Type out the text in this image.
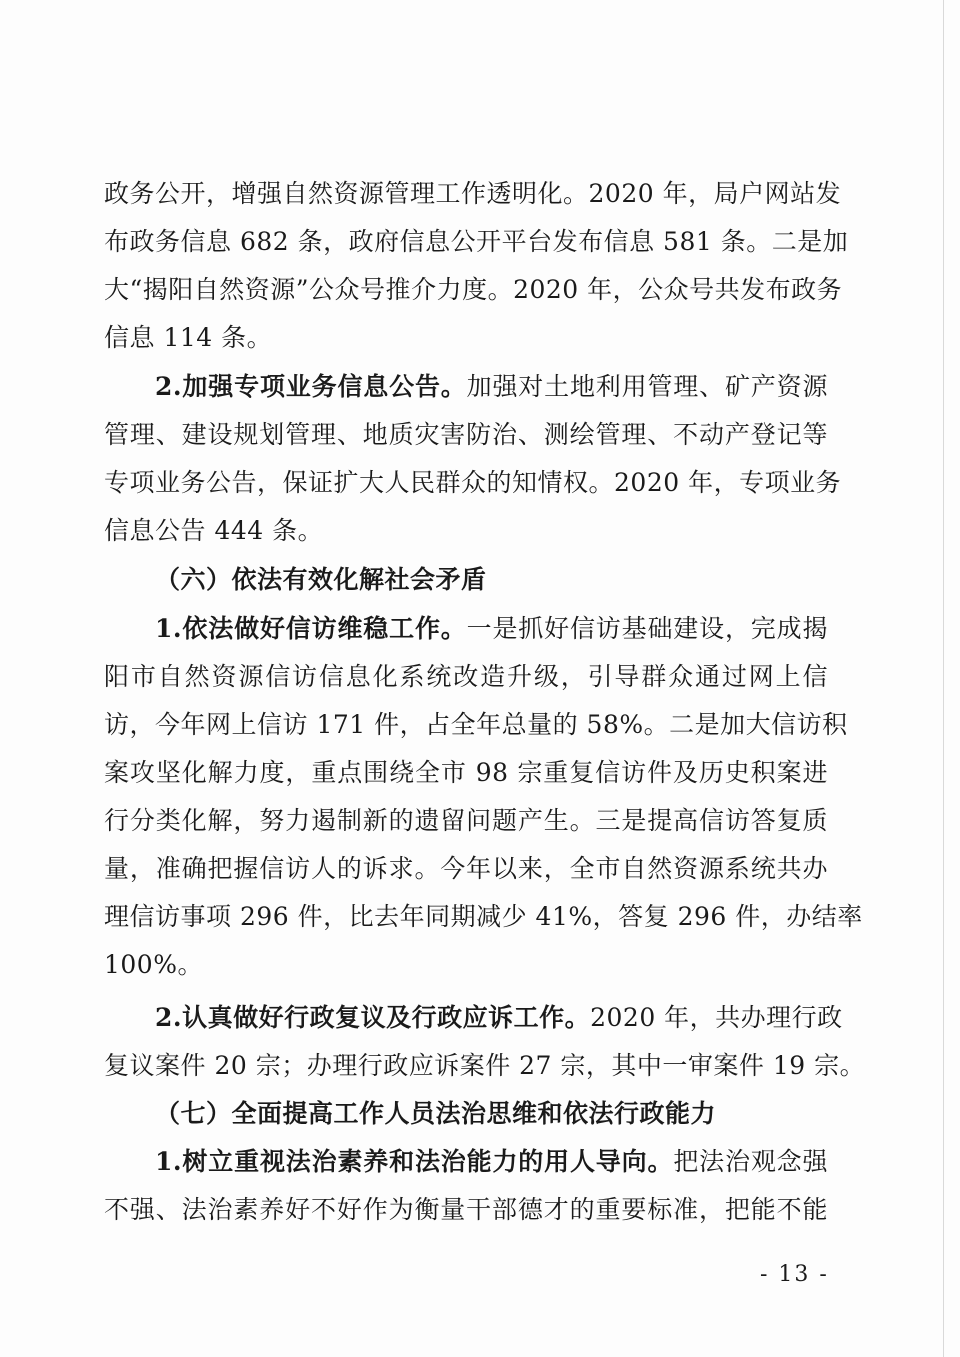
政务公开，增强自然资源管理工作透明化。2020 年，局户网站发
布政务信息 682 条，政府信息公开平台发布信息 581 条。二是加
大“揭阳自然资源”公众号推介力度。2020 年，公众号共发布政务
信息 114 条。
2.加强专项业务信息公告。加强对土地利用管理、矿产资源
管理、建设规划管理、地质灾害防治、测绘管理、不动产登记等
专项业务公告，保证扩大人民群众的知情权。2020 年，专项业务
信息公告 444 条。
（六）依法有效化解社会矛盾
1.依法做好信访维稳工作。一是抓好信访基础建设，完成揭
阳市自然资源信访信息化系统改造升级，引导群众通过网上信
访，今年网上信访 171 件，占全年总量的 58%。二是加大信访积
案攻坚化解力度，重点围绕全市 98 宗重复信访件及历史积案进
行分类化解，努力遏制新的遗留问题产生。三是提高信访答复质
量，准确把握信访人的诉求。今年以来，全市自然资源系统共办
理信访事项 296 件，比去年同期减少 41%，答复 296 件，办结率
100%。
2.认真做好行政复议及行政应诉工作。2020 年，共办理行政
复议案件 20 宗；办理行政应诉案件 27 宗，其中一审案件 19 宗。
（七）全面提高工作人员法治思维和依法行政能力
1.树立重视法治素养和法治能力的用人导向。把法治观念强
不强、法治素养好不好作为衡量干部德才的重要标准，把能不能
- 13 -
